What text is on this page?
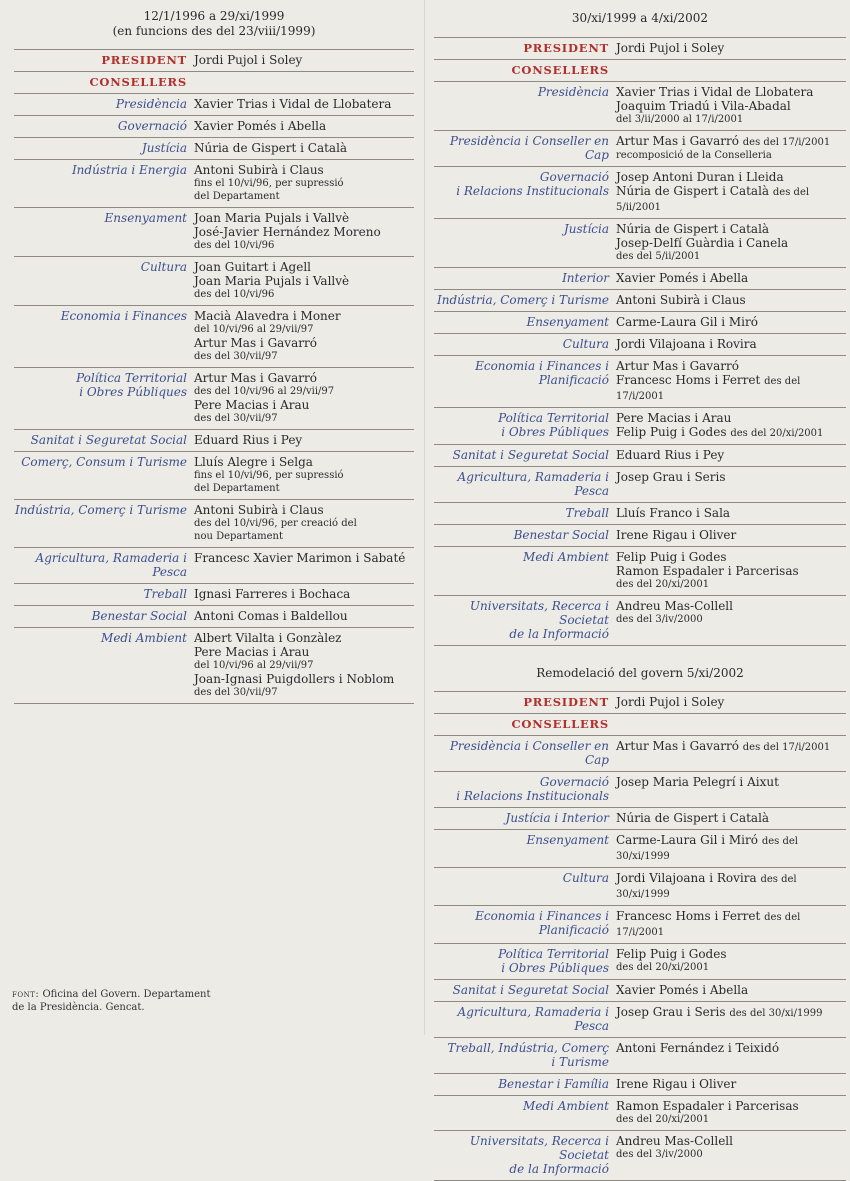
12/1/1996 a 29/xi/1999
(en funcions des del 23/viii/1999)
PRESIDENT Jordi Pujol i Soley
CONSELLERS
Presidència Xavier Trias i Vidal de Llobatera
Governació Xavier Pomés i Abella
Justícia Núria de Gispert i Català
Indústria i Energia Antoni Subirà i Claus
fins el 10/vi/96, per supressió
del Departament
Ensenyament Joan Maria Pujals i Vallvè
José-Javier Hernández Moreno
des del 10/vi/96
Cultura Joan Guitart i Agell
Joan Maria Pujals i Vallvè
des del 10/vi/96
Economia i Finances Macià Alavedra i Moner
del 10/vi/96 al 29/vii/97
Artur Mas i Gavarró
des del 30/vii/97
Política Territorial
i Obres Públiques
Artur Mas i Gavarró
des del 10/vi/96 al 29/vii/97
Pere Macias i Arau
des del 30/vii/97
Sanitat i Seguretat Social Eduard Rius i Pey
Comerç, Consum i Turisme Lluís Alegre i Selga
fins el 10/vi/96, per supressió
del Departament
Indústria, Comerç i Turisme Antoni Subirà i Claus
des del 10/vi/96, per creació del
nou Departament
Agricultura, Ramaderia i Pesca
Francesc Xavier Marimon i Sabaté
Treball Ignasi Farreres i Bochaca
Benestar Social Antoni Comas i Baldellou
Medi Ambient Albert Vilalta i Gonzàlez
Pere Macias i Arau
del 10/vi/96 al 29/vii/97
Joan-Ignasi Puigdollers i Noblom
des del 30/vii/97
30/xi/1999 a 4/xi/2002
PRESIDENT Jordi Pujol i Soley
CONSELLERS
Presidència Xavier Trias i Vidal de Llobatera
Joaquim Triadú i Vila-Abadal
del 3/ii/2000 al 17/i/2001
Presidència i Conseller en Cap
Artur Mas i Gavarró des del 17/i/2001
recomposició de la Conselleria
Governació
i Relacions Institucionals
Josep Antoni Duran i Lleida
Núria de Gispert i Català des del 5/ii/2001
Justícia Núria de Gispert i Català
Josep-Delfí Guàrdia i Canela
des del 5/ii/2001
Interior Xavier Pomés i Abella
Indústria, Comerç i Turisme Antoni Subirà i Claus
Ensenyament Carme-Laura Gil i Miró
Cultura Jordi Vilajoana i Rovira
Economia i Finances i Planificació
Artur Mas i Gavarró
Francesc Homs i Ferret des del 17/i/2001
Política Territorial
i Obres Públiques
Pere Macias i Arau
Felip Puig i Godes des del 20/xi/2001
Sanitat i Seguretat Social Eduard Rius i Pey
Agricultura, Ramaderia i Pesca
Josep Grau i Seris
Treball Lluís Franco i Sala
Benestar Social Irene Rigau i Oliver
Medi Ambient Felip Puig i Godes
Ramon Espadaler i Parcerisas
des del 20/xi/2001
Universitats, Recerca i Societat
de la Informació
Andreu Mas-Collell
des del 3/iv/2000
Remodelació del govern 5/xi/2002
PRESIDENT Jordi Pujol i Soley
CONSELLERS
Presidència i Conseller en Cap
Artur Mas i Gavarró des del 17/i/2001
Governació
i Relacions Institucionals
Josep Maria Pelegrí i Aixut
Justícia i Interior Núria de Gispert i Català
Ensenyament Carme-Laura Gil i Miró des del 30/xi/1999
Cultura Jordi Vilajoana i Rovira des del 30/xi/1999
Economia i Finances i Planificació
Francesc Homs i Ferret des del 17/i/2001
Política Territorial
i Obres Públiques
Felip Puig i Godes
des del 20/xi/2001
Sanitat i Seguretat Social Xavier Pomés i Abella
Agricultura, Ramaderia i Pesca
Josep Grau i Seris des del 30/xi/1999
Treball, Indústria, Comerç
i Turisme
Antoni Fernández i Teixidó
Benestar i Família Irene Rigau i Oliver
Medi Ambient Ramon Espadaler i Parcerisas
des del 20/xi/2001
Universitats, Recerca i Societat
de la Informació
Andreu Mas-Collell
des del 3/iv/2000
font: Oficina del Govern. Departament
de la Presidència. Gencat.
